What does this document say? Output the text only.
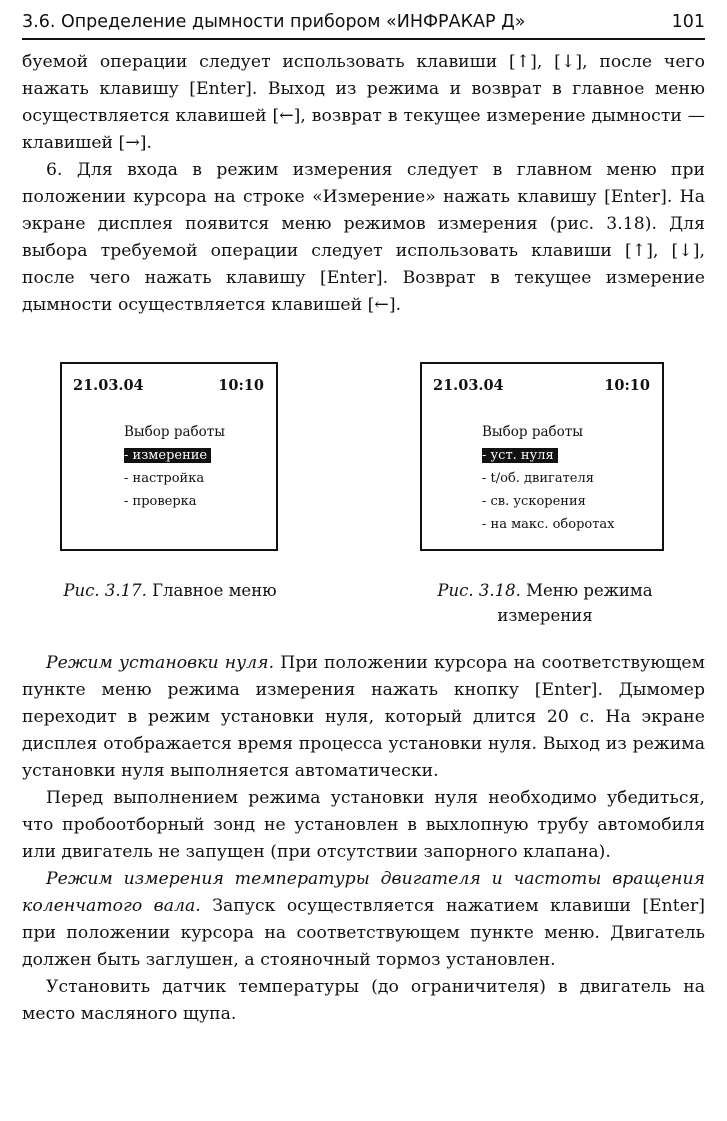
3.6. Определение дымности прибором «ИНФРАКАР Д»	101

буемой операции следует использовать клавиши [↑], [↓], после чего нажать клавишу [Enter]. Выход из режима и возврат в главное меню осуществляется клавишей [←], возврат в текущее измерение дымности — клавишей [→].

6. Для входа в режим измерения следует в главном меню при положении курсора на строке «Измерение» нажать клавишу [Enter]. На экране дисплея появится меню режимов измерения (рис. 3.18). Для выбора требуемой операции следует использовать клавиши [↑], [↓], после чего нажать клавишу [Enter]. Возврат в текущее измерение дымности осуществляется клавишей [←].

21.03.04	10:10
Выбор работы
- измерение
- настройка
- проверка
21.03.04	10:10
Выбор работы
- уст. нуля
- t/об. двигателя
- св. ускорения
- на макс. оборотах
Рис. 3.17. Главное меню	Рис. 3.18. Меню режима измерения

Режим установки нуля. При положении курсора на соответствующем пункте меню режима измерения нажать кнопку [Enter]. Дымомер переходит в режим установки нуля, который длится 20 с. На экране дисплея отображается время процесса установки нуля. Выход из режима установки нуля выполняется автоматически.

Перед выполнением режима установки нуля необходимо убедиться, что пробоотборный зонд не установлен в выхлопную трубу автомобиля или двигатель не запущен (при отсутствии запорного клапана).

Режим измерения температуры двигателя и частоты вращения коленчатого вала. Запуск осуществляется нажатием клавиши [Enter] при положении курсора на соответствующем пункте меню. Двигатель должен быть заглушен, а стояночный тормоз установлен.

Установить датчик температуры (до ограничителя) в двигатель на место масляного щупа.
